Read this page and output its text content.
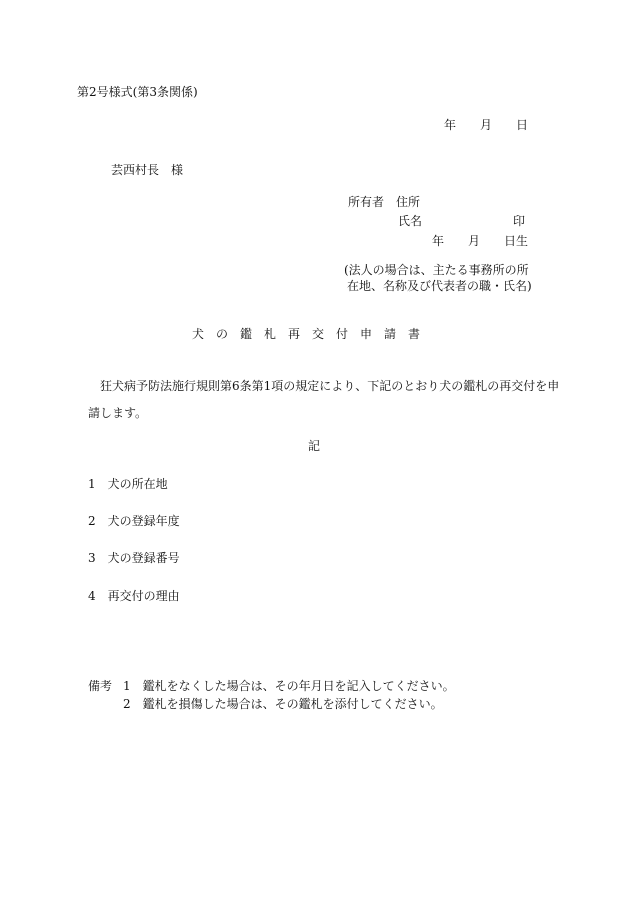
第2号様式(第3条関係)
年　　月　　日
芸西村長　様
所有者　住所
氏名	印
年　　月　　日生
(法人の場合は、主たる事務所の所
在地、名称及び代表者の職・氏名)
犬　の　鑑　札　再　交　付　申　請　書
狂犬病予防法施行規則第6条第1項の規定により、下記のとおり犬の鑑札の再交付を申
請します。
記
1　犬の所在地
2　犬の登録年度
3　犬の登録番号
4　再交付の理由
備考 1　鑑札をなくした場合は、その年月日を記入してください。
2　鑑札を損傷した場合は、その鑑札を添付してください。
